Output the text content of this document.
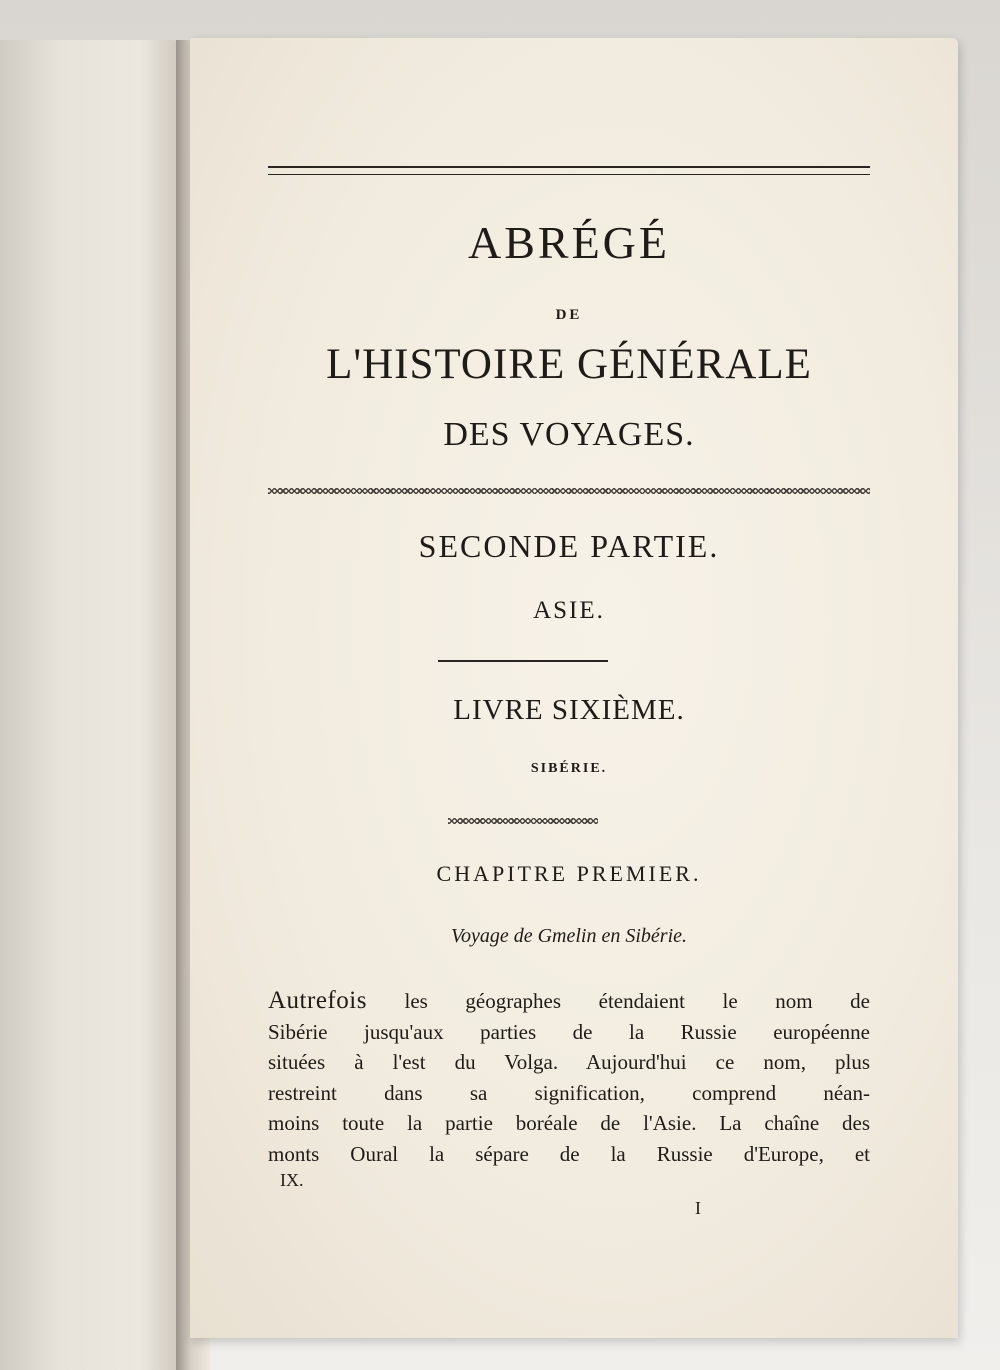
ABRÉGÉ
DE
L'HISTOIRE GÉNÉRALE
DES VOYAGES.
SECONDE PARTIE.
ASIE.
LIVRE SIXIÈME.
SIBÉRIE.
CHAPITRE PREMIER.
Voyage de Gmelin en Sibérie.
Autrefois les géographes étendaient le nom de
Sibérie jusqu'aux parties de la Russie européenne
situées à l'est du Volga. Aujourd'hui ce nom, plus
restreint dans sa signification, comprend néan-
moins toute la partie boréale de l'Asie. La chaîne des
monts Oural la sépare de la Russie d'Europe, et
IX.
I
